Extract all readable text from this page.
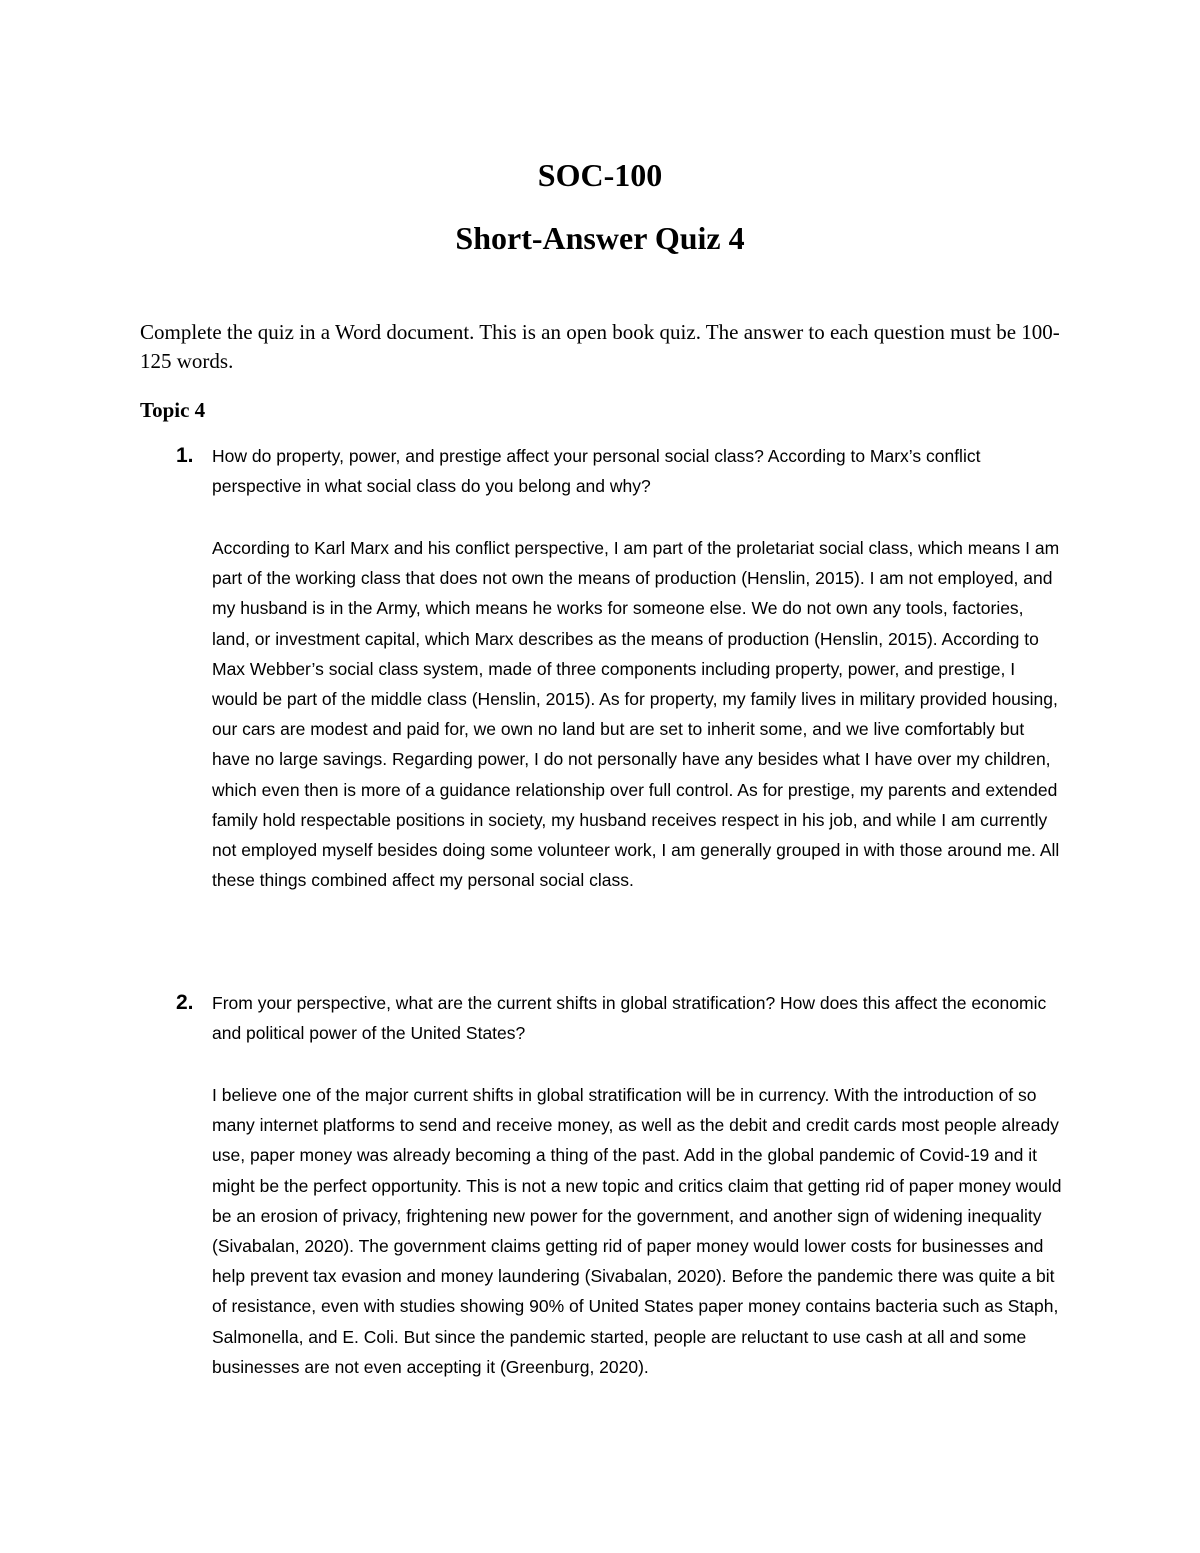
SOC-100
Short-Answer Quiz 4

Complete the quiz in a Word document. This is an open book quiz. The answer to each question must be 100-125 words.

Topic 4

1. How do property, power, and prestige affect your personal social class? According to Marx’s conflict perspective in what social class do you belong and why?

According to Karl Marx and his conflict perspective, I am part of the proletariat social class, which means I am part of the working class that does not own the means of production (Henslin, 2015). I am not employed, and my husband is in the Army, which means he works for someone else. We do not own any tools, factories, land, or investment capital, which Marx describes as the means of production (Henslin, 2015). According to Max Webber’s social class system, made of three components including property, power, and prestige, I would be part of the middle class (Henslin, 2015). As for property, my family lives in military provided housing, our cars are modest and paid for, we own no land but are set to inherit some, and we live comfortably but have no large savings. Regarding power, I do not personally have any besides what I have over my children, which even then is more of a guidance relationship over full control. As for prestige, my parents and extended family hold respectable positions in society, my husband receives respect in his job, and while I am currently not employed myself besides doing some volunteer work, I am generally grouped in with those around me. All these things combined affect my personal social class.

2. From your perspective, what are the current shifts in global stratification? How does this affect the economic and political power of the United States?

I believe one of the major current shifts in global stratification will be in currency. With the introduction of so many internet platforms to send and receive money, as well as the debit and credit cards most people already use, paper money was already becoming a thing of the past. Add in the global pandemic of Covid-19 and it might be the perfect opportunity. This is not a new topic and critics claim that getting rid of paper money would be an erosion of privacy, frightening new power for the government, and another sign of widening inequality (Sivabalan, 2020). The government claims getting rid of paper money would lower costs for businesses and help prevent tax evasion and money laundering (Sivabalan, 2020). Before the pandemic there was quite a bit of resistance, even with studies showing 90% of United States paper money contains bacteria such as Staph, Salmonella, and E. Coli. But since the pandemic started, people are reluctant to use cash at all and some businesses are not even accepting it (Greenburg, 2020).
